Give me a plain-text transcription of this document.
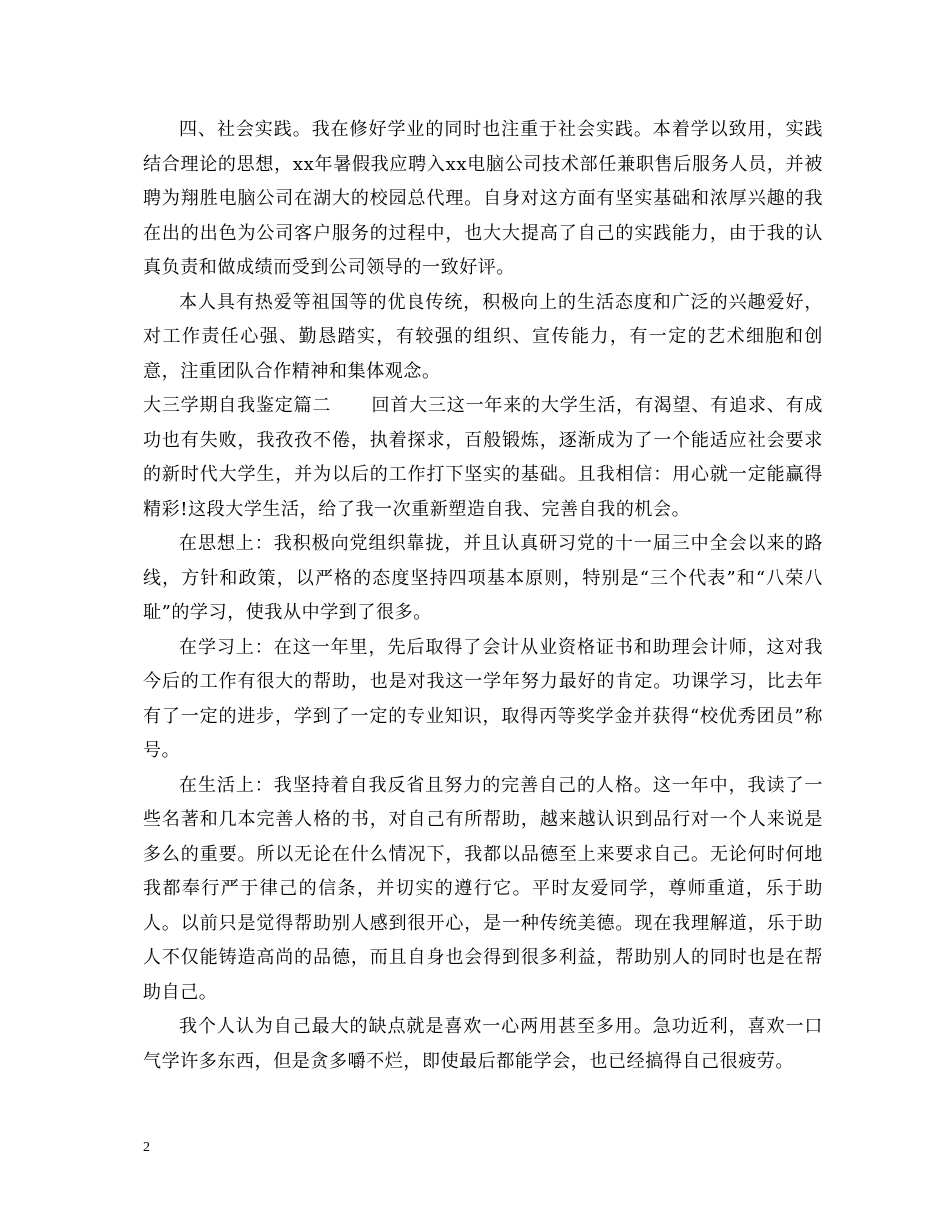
四、社会实践。我在修好学业的同时也注重于社会实践。本着学以致用，实践结合理论的思想，xx年暑假我应聘入xx电脑公司技术部任兼职售后服务人员，并被聘为翔胜电脑公司在湖大的校园总代理。自身对这方面有坚实基础和浓厚兴趣的我在出的出色为公司客户服务的过程中，也大大提高了自己的实践能力，由于我的认真负责和做成绩而受到公司领导的一致好评。

本人具有热爱等祖国等的优良传统，积极向上的生活态度和广泛的兴趣爱好，对工作责任心强、勤恳踏实，有较强的组织、宣传能力，有一定的艺术细胞和创意，注重团队合作精神和集体观念。

大三学期自我鉴定篇二 回首大三这一年来的大学生活，有渴望、有追求、有成功也有失败，我孜孜不倦，执着探求，百般锻炼，逐渐成为了一个能适应社会要求的新时代大学生，并为以后的工作打下坚实的基础。且我相信：用心就一定能赢得精彩!这段大学生活，给了我一次重新塑造自我、完善自我的机会。

在思想上：我积极向党组织靠拢，并且认真研习党的十一届三中全会以来的路线，方针和政策，以严格的态度坚持四项基本原则，特别是“三个代表”和“八荣八耻”的学习，使我从中学到了很多。

在学习上：在这一年里，先后取得了会计从业资格证书和助理会计师，这对我今后的工作有很大的帮助，也是对我这一学年努力最好的肯定。功课学习，比去年有了一定的进步，学到了一定的专业知识，取得丙等奖学金并获得“校优秀团员”称号。

在生活上：我坚持着自我反省且努力的完善自己的人格。这一年中，我读了一些名著和几本完善人格的书，对自己有所帮助，越来越认识到品行对一个人来说是多么的重要。所以无论在什么情况下，我都以品德至上来要求自己。无论何时何地我都奉行严于律己的信条，并切实的遵行它。平时友爱同学，尊师重道，乐于助人。以前只是觉得帮助别人感到很开心，是一种传统美德。现在我理解道，乐于助人不仅能铸造高尚的品德，而且自身也会得到很多利益，帮助别人的同时也是在帮助自己。

我个人认为自己最大的缺点就是喜欢一心两用甚至多用。急功近利，喜欢一口气学许多东西，但是贪多嚼不烂，即使最后都能学会，也已经搞得自己很疲劳。

2
